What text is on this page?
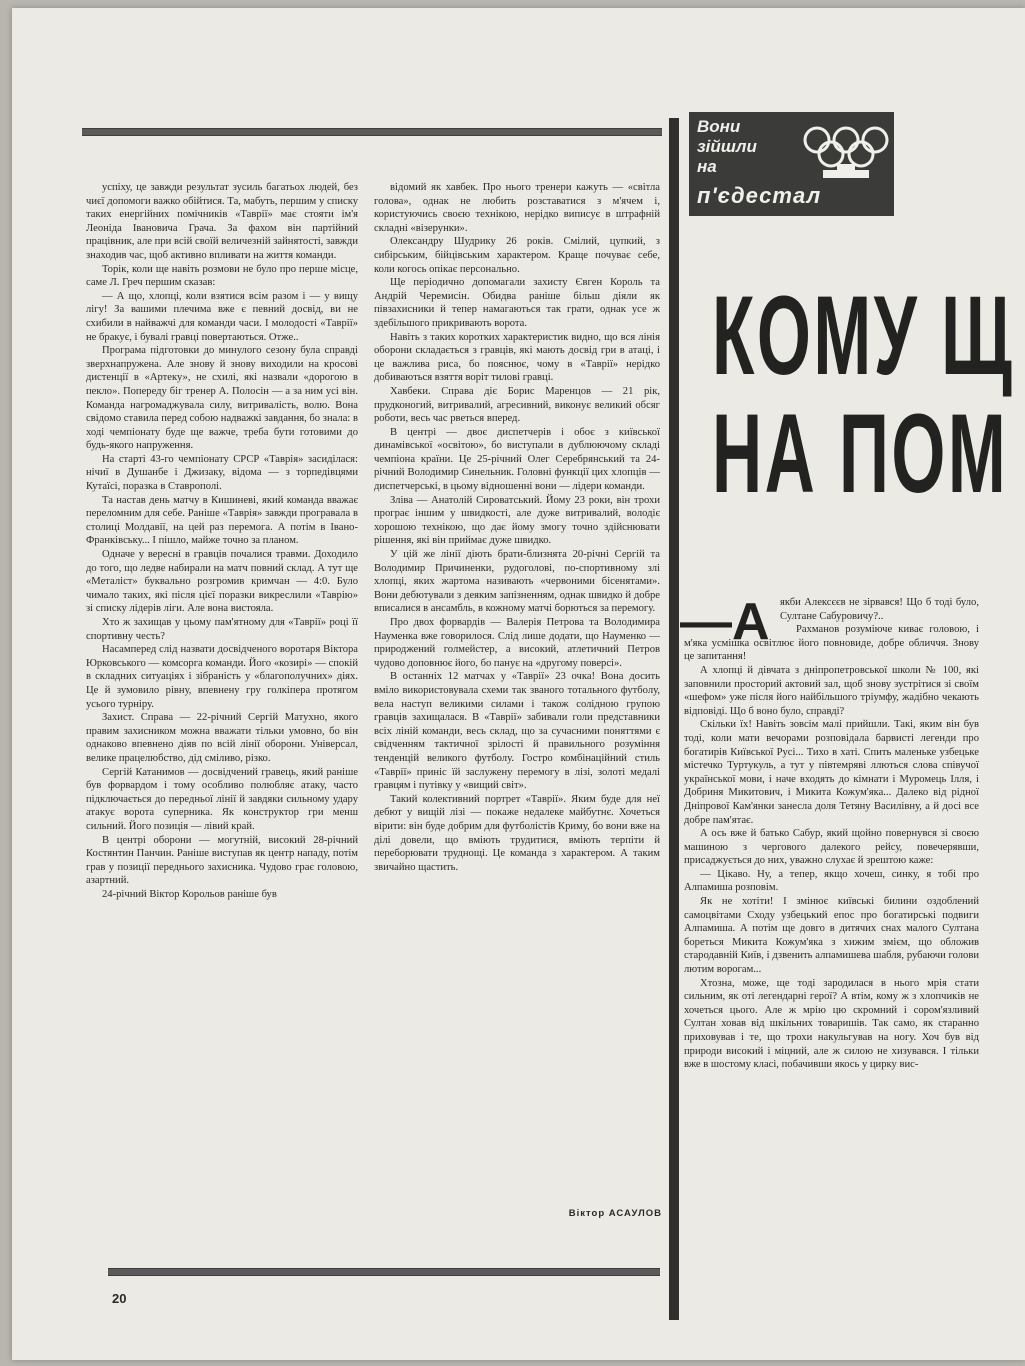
успіху, це завжди результат зусиль багатьох людей, без чиєї допомоги важко обійтися. Та, мабуть, першим у списку таких енергійних помічників «Таврії» має стояти ім'я Леоніда Івановича Грача. За фахом він партійний працівник, але при всій своїй величезній зайнятості, завжди знаходив час, щоб активно впливати на життя команди.

Торік, коли ще навіть розмови не було про перше місце, саме Л. Греч першим сказав:

— А що, хлопці, коли взятися всім разом і — у вищу лігу! За вашими плечима вже є певний досвід, ви не схибили в найважчі для команди часи. І молодості «Таврії» не бракує, і бувалі гравці повертаються. Отже..

Програма підготовки до минулого сезону була справді зверхнапружена. Але знову й знову виходили на кросові дистенції в «Артеку», не схилі, які назвали «дорогою в пекло». Попереду біг тренер А. Полосін — а за ним усі він. Команда нагромаджувала силу, витривалість, волю. Вона свідомо ставила перед собою надважкі завдання, бо знала: в ході чемпіонату буде ще важче, треба бути готовими до будь-якого напруження.

На старті 43-го чемпіонату СРСР «Таврія» засиділася: нічиї в Душанбе і Джизаку, відома — з торпедівцями Кутаїсі, поразка в Ставрополі.

Та настав день матчу в Кишиневі, який команда вважає переломним для себе. Раніше «Таврія» завжди програвала в столиці Молдавії, на цей раз перемога. А потім в Івано-Франківську... І пішло, майже точно за планом.

Одначе у вересні в гравців почалися травми. Доходило до того, що ледве набирали на матч повний склад. А тут ще «Металіст» буквально розгромив кримчан — 4:0. Було чимало таких, які після цієї поразки викреслили «Таврію» зі списку лідерів ліги. Але вона вистояла.

Хто ж захищав у цьому пам'ятному для «Таврії» році її спортивну честь?

Насамперед слід назвати досвідченого воротаря Віктора Юрковського — комсорга команди. Його «козирі» — спокій в складних ситуаціях і зібраність у «благополучних» діях. Це й зумовило рівну, впевнену гру голкіпера протягом усього турніру.

Захист. Справа — 22-річний Сергій Матухно, якого правим захисником можна вважати тільки умовно, бо він однаково впевнено діяв по всій лінії оборони. Універсал, велике працелюбство, дід сміливо, різко.

Сергій Катанимов — досвідчений гравець, який раніше був форвардом і тому особливо полюбляє атаку, часто підключається до передньої лінії й завдяки сильному удару атакує ворота суперника. Як конструктор гри менш сильний. Його позиція — лівий край.

В центрі оборони — могутній, високий 28-річний Костянтин Панчин. Раніше виступав як центр нападу, потім грав у позиції переднього захисника. Чудово грає головою, азартний.

24-річний Віктор Корольов раніше був

відомий як хавбек. Про нього тренери кажуть — «світла голова», однак не любить розставатися з м'ячем і, користуючись своєю технікою, нерідко виписує в штрафній складні «візерунки».

Олександру Шудрику 26 років. Смілий, цупкий, з сибірським, бійцівським характером. Краще почуває себе, коли когось опікає персонально.

Ще періодично допомагали захисту Євген Король та Андрій Черемисін. Обидва раніше більш діяли як півзахисники й тепер намагаються так грати, однак усе ж здебільшого прикривають ворота.

Навіть з таких коротких характеристик видно, що вся лінія оборони складається з гравців, які мають досвід гри в атаці, і це важлива риса, бо пояснює, чому в «Таврії» нерідко добиваються взяття воріт тилові гравці.

Хавбеки. Справа діє Борис Маренцов — 21 рік, прудконогий, витривалий, агресивний, виконує великий обсяг роботи, весь час рветься вперед.

В центрі — двоє диспетчерів і обоє з київської динамівської «освітою», бо виступали в дублюючому складі чемпіона країни. Це 25-річний Олег Серебрянський та 24-річний Володимир Синельник. Головні функції цих хлопців — диспетчерські, в цьому відношенні вони — лідери команди.

Зліва — Анатолій Сироватський. Йому 23 роки, він трохи програє іншим у швидкості, але дуже витривалий, володіє хорошою технікою, що дає йому змогу точно здійснювати рішення, які він приймає дуже швидко.

У цій же лінії діють брати-близнята 20-річні Сергій та Володимир Пpичиненки, рудоголові, по-спортивному злі хлопці, яких жартома називають «червоними бісенятами». Вони дебютували з деяким запізненням, однак швидко й добре вписалися в ансамбль, в кожному матчі борються за перемогу.

Про двох форвардів — Валерія Петрова та Володимира Науменка вже говорилося. Слід лише додати, що Науменко — природжений голмейстер, а високий, атлетичний Петров чудово доповнює його, бо панує на «другому поверсі».

В останніх 12 матчах у «Таврії» 23 очка! Вона досить вміло використовувала схеми так званого тотального футболу, вела наступ великими силами і також солідною групою гравців захищалася. В «Таврії» забивали голи представники всіх ліній команди, весь склад, що за сучасними поняттями є свідченням тактичної зрілості й правильного розуміння тенденцій великого футболу. Гостро комбінаційний стиль «Таврії» приніс їй заслужену перемогу в лізі, золоті медалі гравцям і путівку у «вищий світ».

Такий колективний портрет «Таврії». Яким буде для неї дебют у вищій лізі — покаже недалеке майбутнє. Хочеться вірити: він буде добрим для футболістів Криму, бо вони вже на ділі довели, що вміють трудитися, вміють терпіти й переборювати труднощі. Це команда з характером. А таким звичайно щастить.

Віктор АСАУЛОВ
20
Вони
зійшли
на
п'єдестал
КОМУ Щ
НА ПОМ
—А якби Алексєєв не зірвався! Що б тоді було, Султане Сабуровичу?..

Рахманов розуміюче киває головою, і м'яка усмішка освітлює його повновиде, добре обличчя. Знову це запитання!

А хлопці й дівчата з дніпропетровської школи № 100, які заповнили просторий актовий зал, щоб знову зустрітися зі своїм «шефом» уже після його найбільшого тріумфу, жадібно чекають відповіді. Що б воно було, справді?

Скільки їх! Навіть зовсім малі прийшли. Такі, яким він був тоді, коли мати вечорами розповідала барвисті легенди про богатирів Київської Русі... Тихо в хаті. Спить маленьке узбецьке містечко Туртукуль, а тут у півтемряві ллються слова співучої української мови, і наче входять до кімнати і Муромець Ілля, і Добриня Микитович, і Микита Кожум'яка... Далеко від рідної Дніпрової Кам'янки занесла доля Тетяну Василівну, а й досі все добре пам'ятає.

А ось вже й батько Сабур, який щойно повернувся зі своєю машиною з чергового далекого рейсу, повечерявши, присаджується до них, уважно слухає й зрештою каже:

— Цікаво. Ну, а тепер, якщо хочеш, синку, я тобі про Алпамиша розповім.

Як не хотіти! І змінює київські билини оздоблений самоцвітами Сходу узбецький епос про богатирські подвиги Алпамиша. А потім ще довго в дитячих снах малого Султана бореться Микита Кожум'яка з хижим змієм, що обложив стародавній Київ, і дзвенить алпамишева шабля, рубаючи голови лютим ворогам...

Хтозна, може, ще тоді зародилася в нього мрія стати сильним, як оті легендарні герої? А втім, кому ж з хлопчиків не хочеться цього. Але ж мрію цю скромний і сором'язливий Султан ховав від шкільних товаришів. Так само, як старанно приховував і те, що трохи накульгував на ногу. Хоч був від природи високий і міцний, але ж силою не хизувався. І тільки вже в шостому класі, побачивши якось у цирку вис-
